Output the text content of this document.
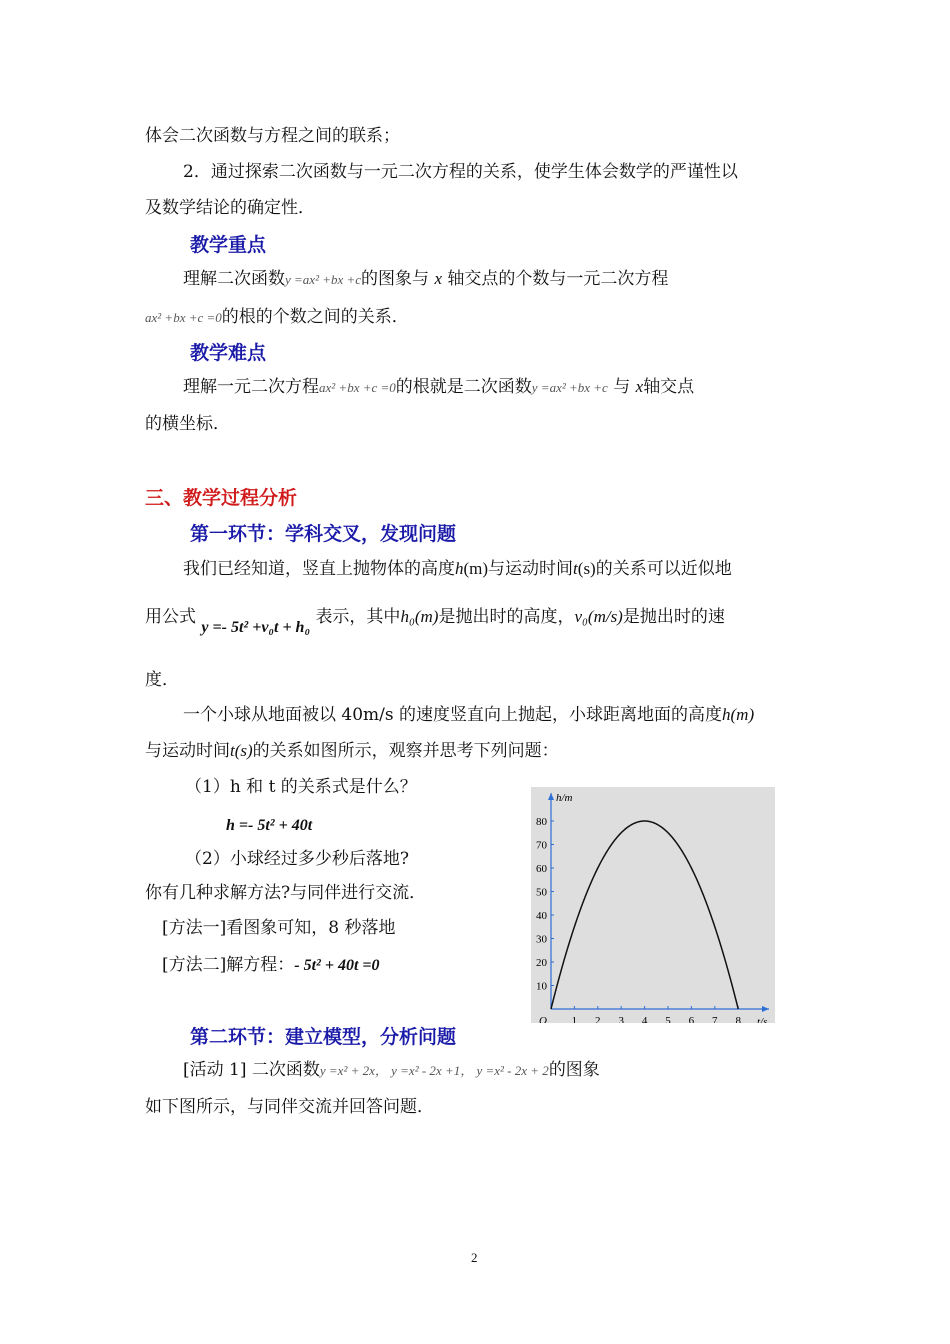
体会二次函数与方程之间的联系；
2．通过探索二次函数与一元二次方程的关系，使学生体会数学的严谨性以
及数学结论的确定性．
教学重点
理解二次函数y =ax² +bx +c的图象与 x 轴交点的个数与一元二次方程
ax² +bx +c =0的根的个数之间的关系．
教学难点
理解一元二次方程ax² +bx +c =0的根就是二次函数y =ax² +bx +c 与 x轴交点
的横坐标．
三、教学过程分析
第一环节：学科交叉，发现问题
我们已经知道，竖直上抛物体的高度h(m)与运动时间t(s)的关系可以近似地
用公式 y =- 5t² +v₀t + h₀ 表示，其中h₀(m)是抛出时的高度，v₀(m/s)是抛出时的速
度．
一个小球从地面被以 40m/s 的速度竖直向上抛起，小球距离地面的高度h(m)
与运动时间t(s)的关系如图所示，观察并思考下列问题：
（1）h 和 t 的关系式是什么？
h =- 5t² + 40t
（2）小球经过多少秒后落地?
你有几种求解方法?与同伴进行交流．
[方法一]看图象可知，8 秒落地
[方法二]解方程：- 5t² + 40t =0
1 2 3 4 5 6 7 8
10
20
30
40
50
60
70
80
O	t/s
h/m
第二环节：建立模型，分析问题
[活动 1] 二次函数y =x² + 2x， y =x² - 2x +1， y =x² - 2x + 2的图象
如下图所示，与同伴交流并回答问题．
2
